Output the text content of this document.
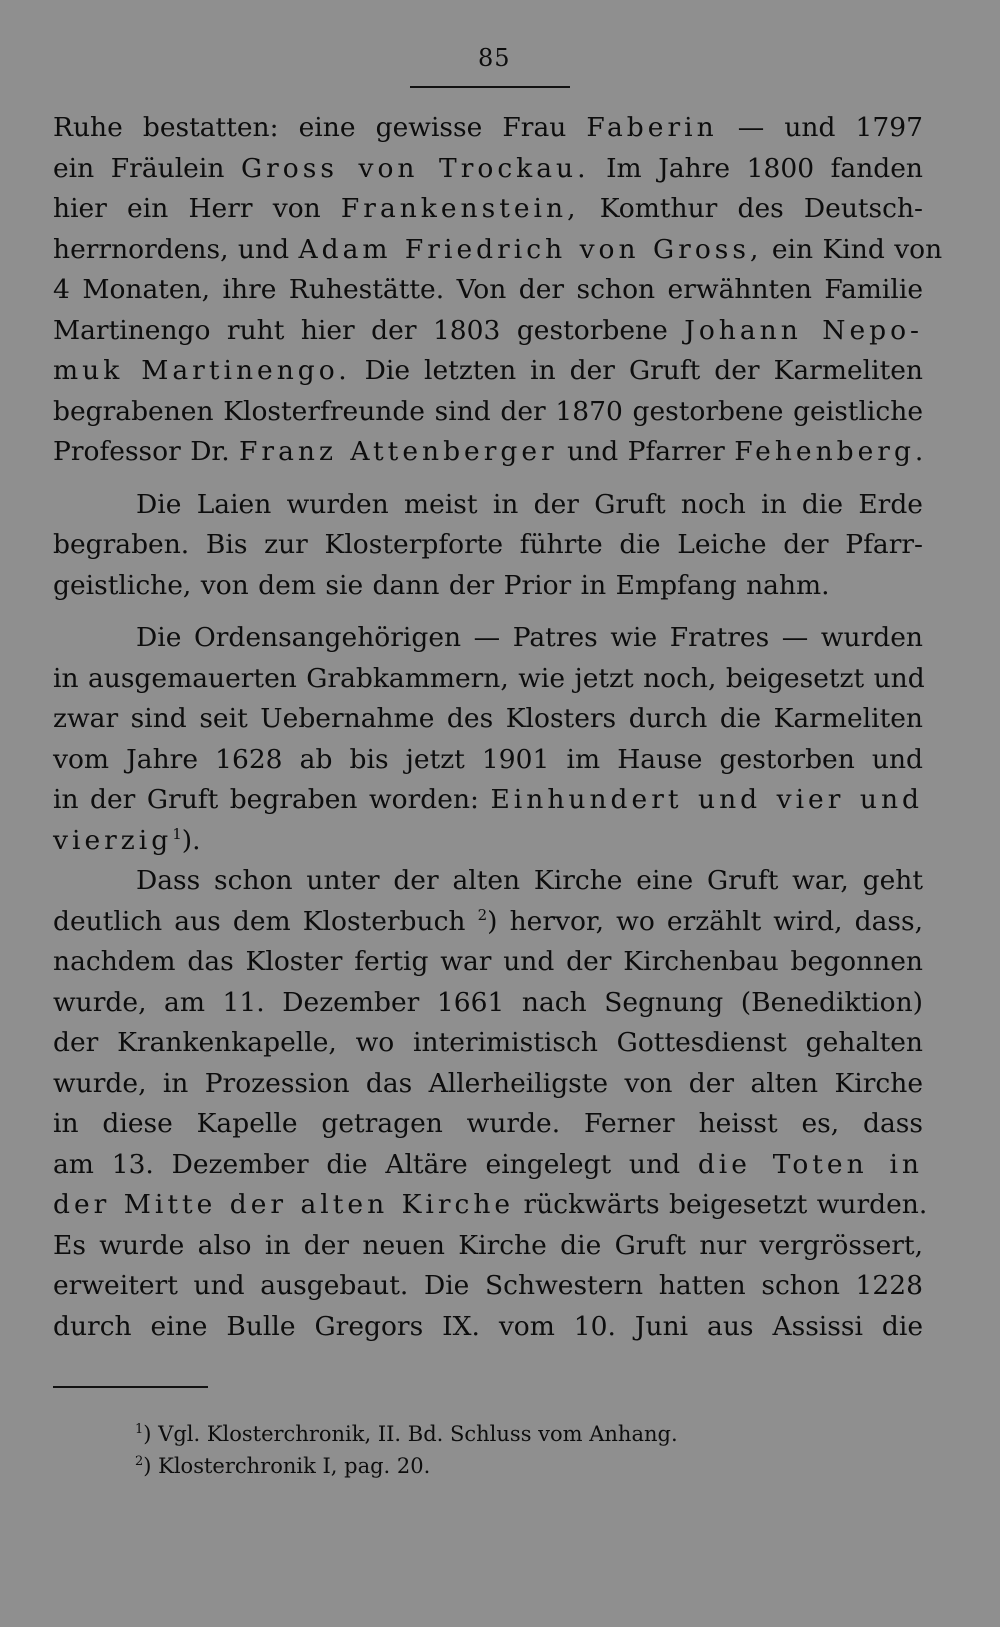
85
Ruhe bestatten: eine gewisse Frau Faberin — und 1797
ein Fräulein Gross von Trockau. Im Jahre 1800 fanden
hier ein Herr von Frankenstein, Komthur des Deutsch-
herrnordens, und Adam Friedrich von Gross, ein Kind von
4 Monaten, ihre Ruhestätte. Von der schon erwähnten Familie
Martinengo ruht hier der 1803 gestorbene Johann Nepo-
muk Martinengo. Die letzten in der Gruft der Karmeliten
begrabenen Klosterfreunde sind der 1870 gestorbene geistliche
Professor Dr. Franz Attenberger und Pfarrer Fehenberg.
Die Laien wurden meist in der Gruft noch in die Erde
begraben. Bis zur Klosterpforte führte die Leiche der Pfarr-
geistliche, von dem sie dann der Prior in Empfang nahm.
Die Ordensangehörigen — Patres wie Fratres — wurden
in ausgemauerten Grabkammern, wie jetzt noch, beigesetzt und
zwar sind seit Uebernahme des Klosters durch die Karmeliten
vom Jahre 1628 ab bis jetzt 1901 im Hause gestorben und
in der Gruft begraben worden: Einhundert und vier und
vierzig$^1$).
Dass schon unter der alten Kirche eine Gruft war, geht
deutlich aus dem Klosterbuch $^2$) hervor, wo erzählt wird, dass,
nachdem das Kloster fertig war und der Kirchenbau begonnen
wurde, am 11. Dezember 1661 nach Segnung (Benediktion)
der Krankenkapelle, wo interimistisch Gottesdienst gehalten
wurde, in Prozession das Allerheiligste von der alten Kirche
in diese Kapelle getragen wurde. Ferner heisst es, dass
am 13. Dezember die Altäre eingelegt und die Toten in
der Mitte der alten Kirche rückwärts beigesetzt wurden.
Es wurde also in der neuen Kirche die Gruft nur vergrössert,
erweitert und ausgebaut. Die Schwestern hatten schon 1228
durch eine Bulle Gregors IX. vom 10. Juni aus Assissi die
$^1$) Vgl. Klosterchronik, II. Bd. Schluss vom Anhang.
$^2$) Klosterchronik I, pag. 20.
